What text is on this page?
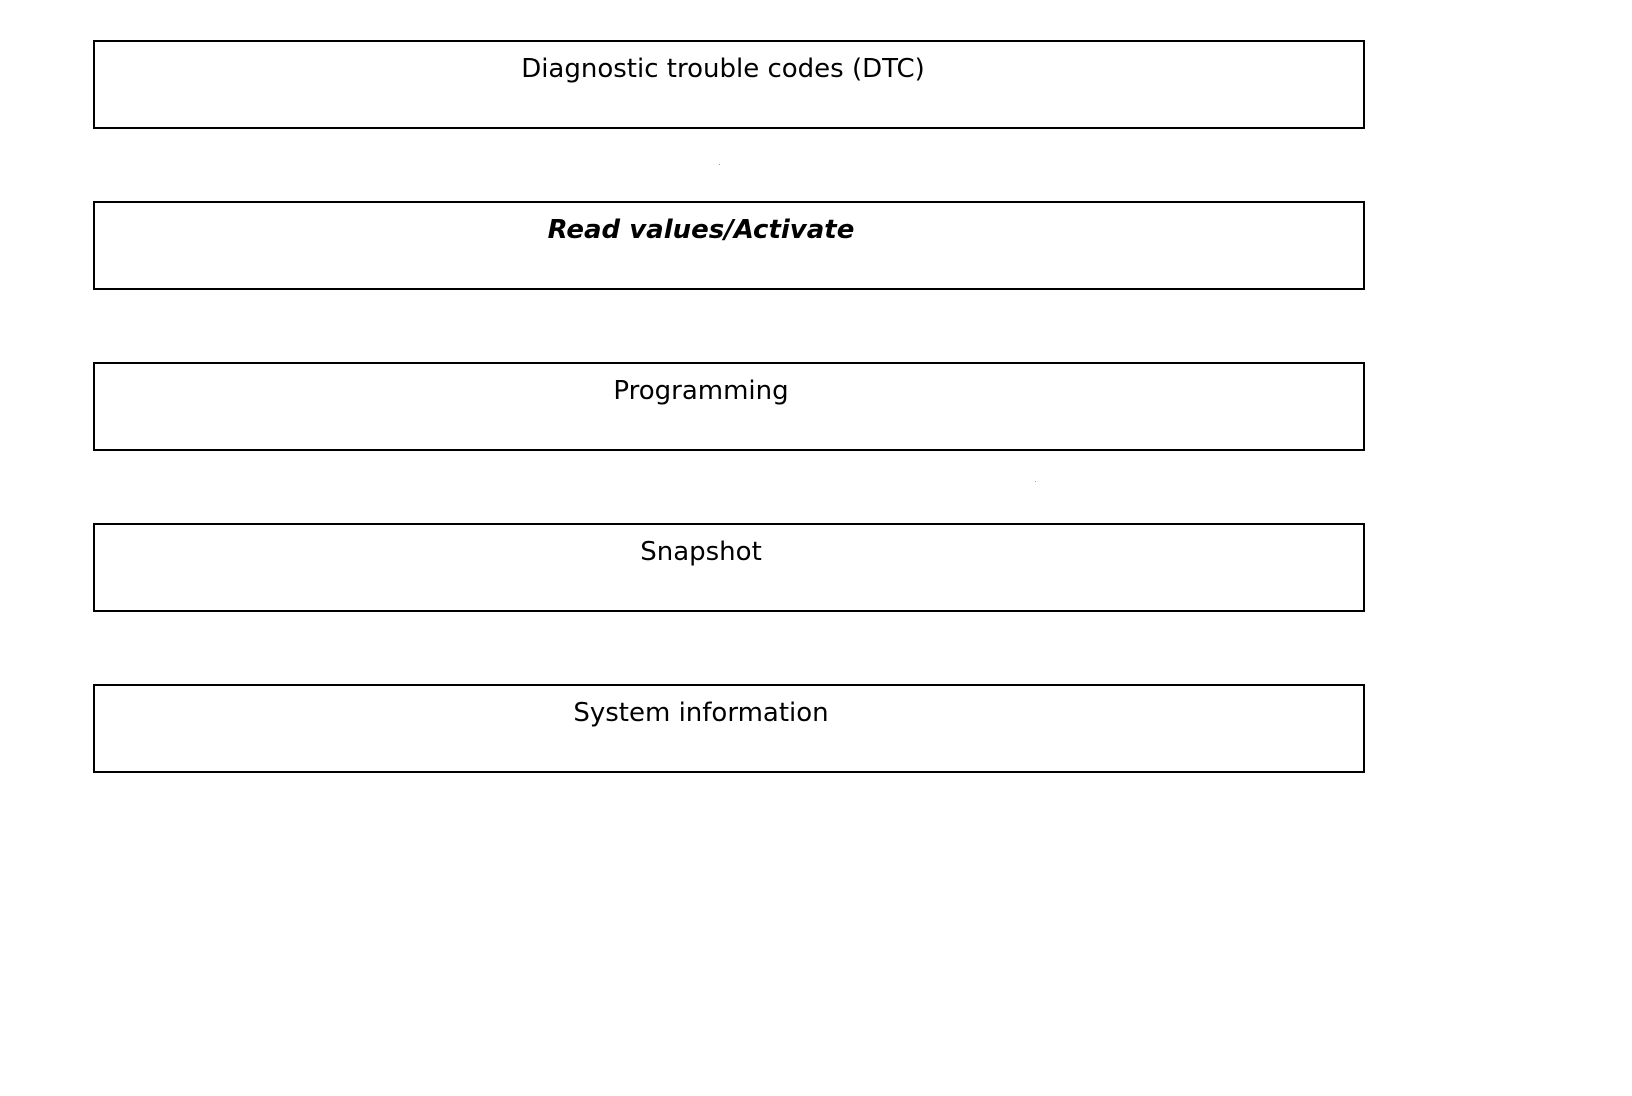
Diagnostic trouble codes (DTC)
Read values/Activate
Programming
Snapshot
System information
